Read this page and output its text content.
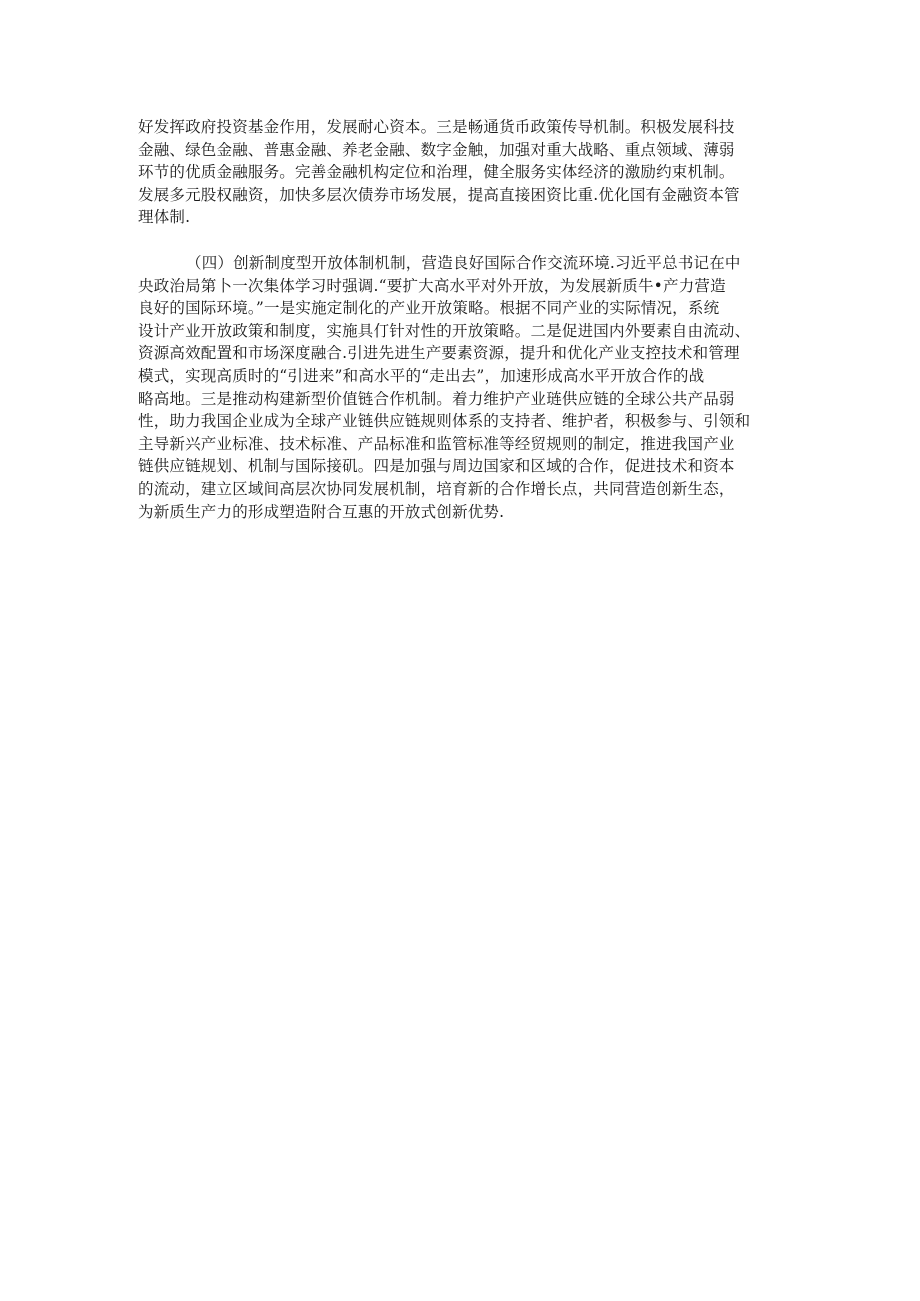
好发挥政府投资基金作用，发展耐心资本。三是畅通货币政策传导机制。积极发展科技
金融、绿色金融、普惠金融、养老金融、数字金触，加强对重大战略、重点领域、薄弱
环节的优质金融服务。完善金融机构定位和治理，健全服务实体经济的激励约束机制。
发展多元股权融资，加快多层次债券市场发展，提高直接困资比重.优化国有金融资本管
理体制.
（四）创新制度型开放体制机制，营造良好国际合作交流环境.习近平总书记在中
央政治局第卜一次集体学习时强调.“要扩大高水平对外开放，为发展新质牛•产力营造
良好的国际环境。”一是实施定制化的产业开放策略。根据不同产业的实际情况，系统
设计产业开放政策和制度，实施具仃针对性的开放策略。二是促进国内外要素自由流动、
资源高效配置和市场深度融合.引进先进生产要素资源，提升和优化产业支控技术和管理
模式，实现高质时的“引进来”和高水平的“走出去”，加速形成高水平开放合作的战
略高地。三是推动构建新型价值链合作机制。着力维护产业琏供应链的全球公共产品弱
性，助力我国企业成为全球产业链供应链规则体系的支持者、维护者，积极参与、引领和
主导新兴产业标准、技术标准、产品标准和监管标准等经贸规则的制定，推进我国产业
链供应链规划、机制与国际接矶。四是加强与周边国家和区域的合作，促进技术和资本
的流动，建立区域间高层次协同发展机制，培育新的合作增长点，共同营造创新生态，
为新质生产力的形成塑造附合互惠的开放式创新优势.
